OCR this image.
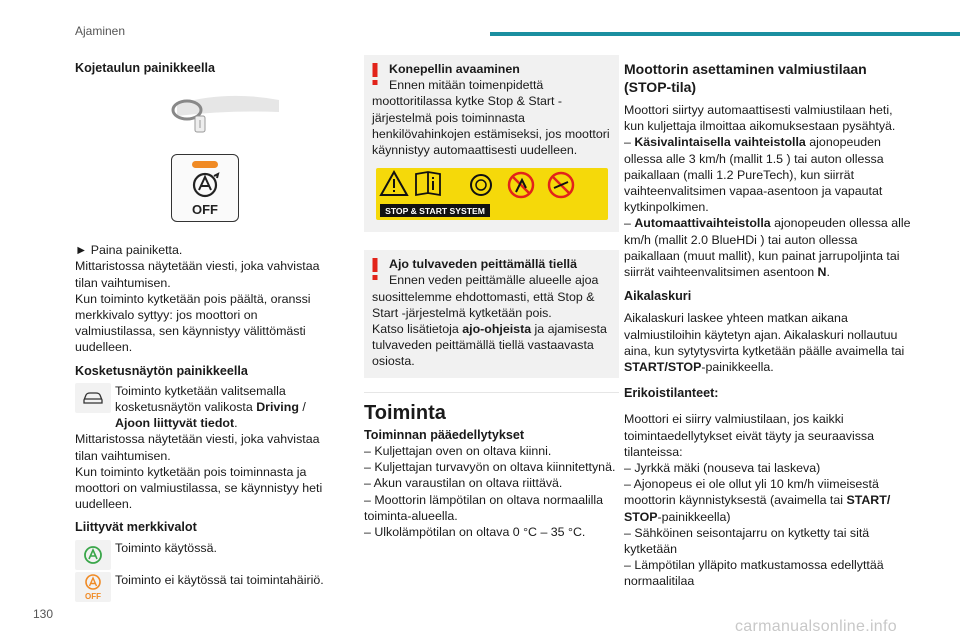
Ajaminen
Kojetaulun painikkeella
OFF

► Paina painiketta.

Mittaristossa näytetään viesti, joka vahvistaa tilan vaihtumisen.

Kun toiminto kytketään pois päältä, oranssi merkkivalo syttyy: jos moottori on valmiustilassa, sen käynnistyy välittömästi uudelleen.

Kosketusnäytön painikkeella
Toiminto kytketään valitsemalla kosketusnäytön valikosta Driving / Ajoon liittyvät tiedot.

Mittaristossa näytetään viesti, joka vahvistaa tilan vaihtumisen.

Kun toiminto kytketään pois toiminnasta ja moottori on valmiustilassa, se käynnistyy heti uudelleen.

Liittyvät merkkivalot
Toiminto käytössä.
OFF
Toiminto ei käytössä tai toimintahäiriö.
Konepellin avaaminen
Ennen mitään toimenpidettä moottoritilassa kytke Stop & Start -järjestelmä pois toiminnasta henkilövahinkojen estämiseksi, jos moottori käynnistyy automaattisesti uudelleen.
STOP & START SYSTEM
Ajo tulvaveden peittämällä tiellä
Ennen veden peittämälle alueelle ajoa suosittelemme ehdottomasti, että Stop & Start -järjestelmä kytketään pois.
Katso lisätietoja ajo-ohjeista ja ajamisesta tulvaveden peittämällä tiellä vastaavasta osiosta.
Toiminta
Toiminnan pääedellytykset
– Kuljettajan oven on oltava kiinni.
– Kuljettajan turvavyön on oltava kiinnitettynä.
– Akun varaustilan on oltava riittävä.
– Moottorin lämpötilan on oltava normaalilla toiminta-alueella.
– Ulkolämpötilan on oltava 0 °C – 35 °C.
Moottorin asettaminen valmiustilaan (STOP-tila)

Moottori siirtyy automaattisesti valmiustilaan heti, kun kuljettaja ilmoittaa aikomuksestaan pysähtyä.

– Käsivalintaisella vaihteistolla ajonopeuden ollessa alle 3 km/h (mallit 1.5 ) tai auton ollessa paikallaan (malli 1.2 PureTech), kun siirrät vaihteenvalitsimen vapaa-asentoon ja vapautat kytkinpolkimen.

– Automaattivaihteistolla ajonopeuden ollessa alle km/h (mallit 2.0 BlueHDi ) tai auton ollessa paikallaan (muut mallit), kun painat jarrupoljinta tai siirrät vaihteenvalitsimen asentoon N.

Aikalaskuri

Aikalaskuri laskee yhteen matkan aikana valmiustiloihin käytetyn ajan. Aikalaskuri nollautuu aina, kun sytytysvirta kytketään päälle avaimella tai START/STOP-painikkeella.

Erikoistilanteet:

Moottori ei siirry valmiustilaan, jos kaikki toimintaedellytykset eivät täyty ja seuraavissa tilanteissa:

– Jyrkkä mäki (nouseva tai laskeva)

– Ajonopeus ei ole ollut yli 10 km/h viimeisestä moottorin käynnistyksestä (avaimella tai START/ STOP-painikkeella)

– Sähköinen seisontajarru on kytketty tai sitä kytketään

– Lämpötilan ylläpito matkustamossa edellyttää normaalitilaa

130
carmanualsonline.info
